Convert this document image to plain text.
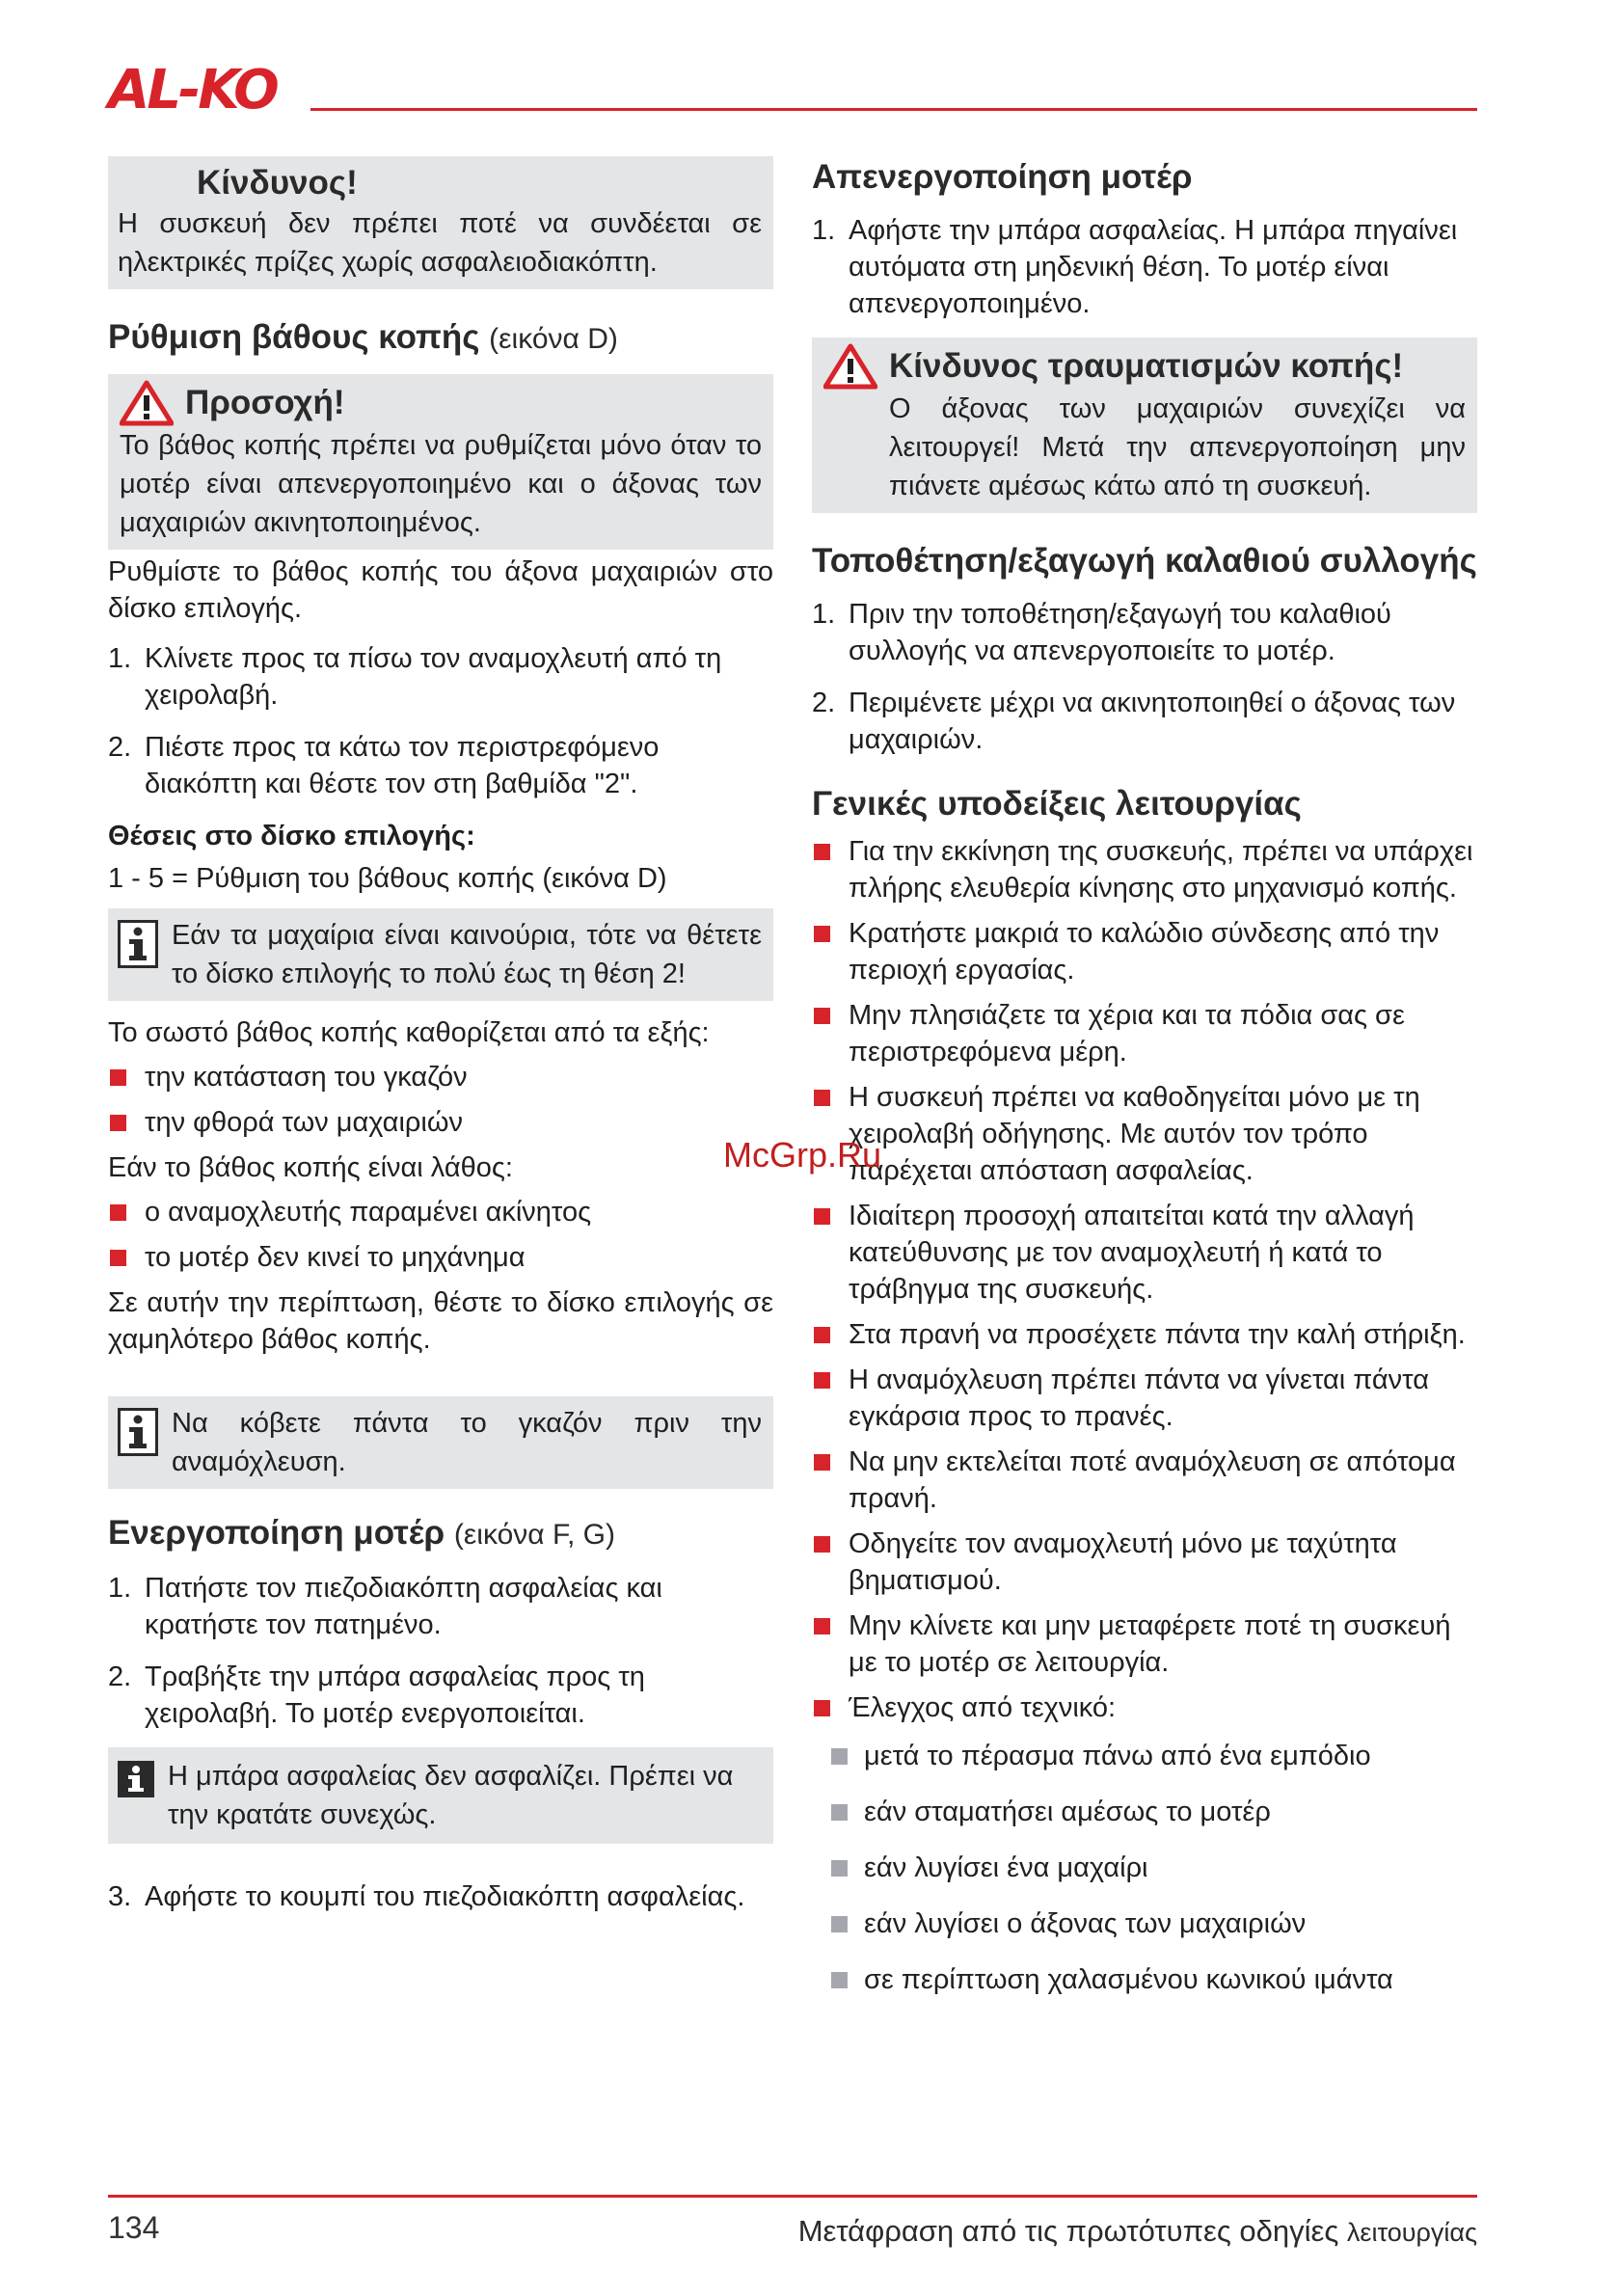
AL-KO
Κίνδυνος!

Η συσκευή δεν πρέπει ποτέ να συνδέεται σε ηλεκτρικές πρίζες χωρίς ασφαλειοδιακόπτη.

Ρύθμιση βάθους κοπής (εικόνα D)
Προσοχή!

Το βάθος κοπής πρέπει να ρυθμίζεται μόνο όταν το μοτέρ είναι απενεργοποιημένο και ο άξονας των μαχαιριών ακινητοποιημένος.

Ρυθμίστε το βάθος κοπής του άξονα μαχαιριών στο δίσκο επιλογής.

1. Κλίνετε προς τα πίσω τον αναμοχλευτή από τη χειρολαβή.
2. Πιέστε προς τα κάτω τον περιστρεφόμενο διακόπτη και θέστε τον στη βαθμίδα "2".
Θέσεις στο δίσκο επιλογής:

1 - 5 = Ρύθμιση του βάθους κοπής (εικόνα D)

Εάν τα μαχαίρια είναι καινούρια, τότε να θέτετε το δίσκο επιλογής το πολύ έως τη θέση 2!

Το σωστό βάθος κοπής καθορίζεται από τα εξής:

την κατάσταση του γκαζόν
την φθορά των μαχαιριών

Εάν το βάθος κοπής είναι λάθος:

ο αναμοχλευτής παραμένει ακίνητος
το μοτέρ δεν κινεί το μηχάνημα

Σε αυτήν την περίπτωση, θέστε το δίσκο επιλογής σε χαμηλότερο βάθος κοπής.

Να κόβετε πάντα το γκαζόν πριν την αναμόχλευση.

Ενεργοποίηση μοτέρ (εικόνα F, G)
1. Πατήστε τον πιεζοδιακόπτη ασφαλείας και κρατήστε τον πατημένο.
2. Τραβήξτε την μπάρα ασφαλείας προς τη χειρολαβή. Το μοτέρ ενεργοποιείται.

Η μπάρα ασφαλείας δεν ασφαλίζει. Πρέπει να την κρατάτε συνεχώς.

3. Αφήστε το κουμπί του πιεζοδιακόπτη ασφαλείας.
Απενεργοποίηση μοτέρ
1. Αφήστε την μπάρα ασφαλείας. Η μπάρα πηγαίνει αυτόματα στη μηδενική θέση. Το μοτέρ είναι απενεργοποιημένο.
Κίνδυνος τραυματισμών κοπής!

Ο άξονας των μαχαιριών συνεχίζει να λειτουργεί! Μετά την απενεργοποίηση μην πιάνετε αμέσως κάτω από τη συσκευή.

Τοποθέτηση/εξαγωγή καλαθιού συλλογής
1. Πριν την τοποθέτηση/εξαγωγή του καλαθιού συλλογής να απενεργοποιείτε το μοτέρ.
2. Περιμένετε μέχρι να ακινητοποιηθεί ο άξονας των μαχαιριών.
Γενικές υποδείξεις λειτουργίας
Για την εκκίνηση της συσκευής, πρέπει να υπάρχει πλήρης ελευθερία κίνησης στο μηχανισμό κοπής.
Κρατήστε μακριά το καλώδιο σύνδεσης από την περιοχή εργασίας.
Μην πλησιάζετε τα χέρια και τα πόδια σας σε περιστρεφόμενα μέρη.
Η συσκευή πρέπει να καθοδηγείται μόνο με τη χειρολαβή οδήγησης. Με αυτόν τον τρόπο παρέχεται απόσταση ασφαλείας.
Ιδιαίτερη προσοχή απαιτείται κατά την αλλαγή κατεύθυνσης με τον αναμοχλευτή ή κατά το τράβηγμα της συσκευής.
Στα πρανή να προσέχετε πάντα την καλή στήριξη.
Η αναμόχλευση πρέπει πάντα να γίνεται πάντα εγκάρσια προς το πρανές.
Να μην εκτελείται ποτέ αναμόχλευση σε απότομα πρανή.
Οδηγείτε τον αναμοχλευτή μόνο με ταχύτητα βηματισμού.
Μην κλίνετε και μην μεταφέρετε ποτέ τη συσκευή με το μοτέρ σε λειτουργία.
Έλεγχος από τεχνικό:
μετά το πέρασμα πάνω από ένα εμπόδιο
εάν σταματήσει αμέσως το μοτέρ
εάν λυγίσει ένα μαχαίρι
εάν λυγίσει ο άξονας των μαχαιριών
σε περίπτωση χαλασμένου κωνικού ιμάντα
McGrp.Ru
134	Μετάφραση από τις πρωτότυπες οδηγίες λειτουργίας
